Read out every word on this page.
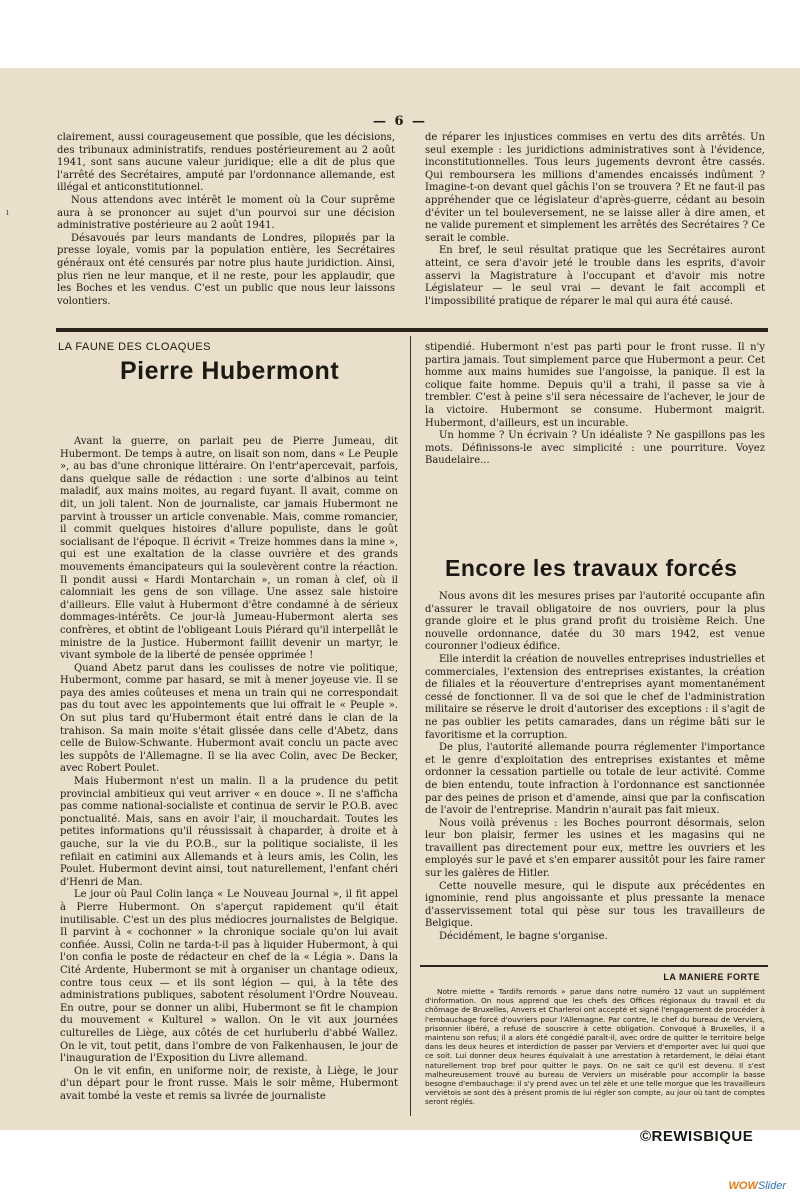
ı
— 6 —

clairement, aussi courageusement que possible, que les décisions, des tribunaux administratifs, rendues postérieurement au 2 août 1941, sont sans aucune valeur juridique; elle a dit de plus que l'arrêté des Secrétaires, amputé par l'ordonnance allemande, est illégal et anticonstitutionnel.

Nous attendons avec intérêt le moment où la Cour suprême aura à se prononcer au sujet d'un pourvoi sur une décision administrative postérieure au 2 août 1941.

Désavoués par leurs mandants de Londres, pilориés par la presse loyale, vomis par la population entière, les Secrétaires généraux ont été censurés par notre plus haute juridiction. Ainsi, plus rien ne leur manque, et il ne reste, pour les applaudir, que les Boches et les vendus. C'est un public que nous leur laissons volontiers.

de réparer les injustices commises en vertu des dits arrêtés. Un seul exemple : les juridictions administratives sont à l'évidence, inconstitutionnelles. Tous leurs jugements devront être cassés. Qui remboursera les millions d'amendes encaissés indûment ? Imagine-t-on devant quel gâchis l'on se trouvera ? Et ne faut-il pas appréhender que ce législateur d'après-guerre, cédant au besoin d'éviter un tel bouleversement, ne se laisse aller à dire amen, et ne valide purement et simplement les arrêtés des Secrétaires ? Ce serait le comble.

En bref, le seul résultat pratique que les Secrétaires auront atteint, ce sera d'avoir jeté le trouble dans les esprits, d'avoir asservi la Magistrature à l'occupant et d'avoir mis notre Législateur — le seul vrai — devant le fait accompli et l'impossibilité pratique de réparer le mal qui aura été causé.

LA FAUNE DES CLOAQUES
Pierre Hubermont

Avant la guerre, on parlait peu de Pierre Jumeau, dit Hubermont. De temps à autre, on lisait son nom, dans « Le Peuple », au bas d'une chronique littéraire. On l'entr'apercevait, parfois, dans quelque salle de rédaction : une sorte d'albinos au teint maladif, aux mains moites, au regard fuyant. Il avait, comme on dit, un joli talent. Non de journaliste, car jamais Hubermont ne parvint à trousser un article convenable. Mais, comme romancier, il commit quelques histoires d'allure populiste, dans le goût socialisant de l'époque. Il écrivit « Treize hommes dans la mine », qui est une exaltation de la classe ouvrière et des grands mouvements émancipateurs qui la soulevèrent contre la réaction. Il pondit aussi « Hardi Montarchain », un roman à clef, où il calomniait les gens de son village. Une assez sale histoire d'ailleurs. Elle valut à Hubermont d'être condamné à de sérieux dommages-intérêts. Ce jour-là Jumeau-Hubermont alerta ses confrères, et obtint de l'obligeant Louis Piérard qu'il interpellât le ministre de la Justice. Hubermont faillit devenir un martyr, le vivant symbole de la liberté de pensée opprimée !

Quand Abetz parut dans les coulisses de notre vie politique, Hubermont, comme par hasard, se mit à mener joyeuse vie. Il se paya des amies coûteuses et mena un train qui ne correspondait pas du tout avec les appointements que lui offrait le « Peuple ». On sut plus tard qu'Hubermont était entré dans le clan de la trahison. Sa main moite s'était glissée dans celle d'Abetz, dans celle de Bulow-Schwante. Hubermont avait conclu un pacte avec les suppôts de l'Allemagne. Il se lia avec Colin, avec De Becker, avec Robert Poulet.

Mais Hubermont n'est un malin. Il a la prudence du petit provincial ambitieux qui veut arriver « en douce ». Il ne s'afficha pas comme national-socialiste et continua de servir le P.O.B. avec ponctualité. Mais, sans en avoir l'air, il mouchardait. Toutes les petites informations qu'il réussissait à chaparder, à droite et à gauche, sur la vie du P.O.B., sur la politique socialiste, il les refilait en catimini aux Allemands et à leurs amis, les Colin, les Poulet. Hubermont devint ainsi, tout naturellement, l'enfant chéri d'Henri de Man.

Le jour où Paul Colin lança « Le Nouveau Journal », il fit appel à Pierre Hubermont. On s'aperçut rapidement qu'il était inutilisable. C'est un des plus médiocres journalistes de Belgique. Il parvint à « cochonner » la chronique sociale qu'on lui avait confiée. Aussi, Colin ne tarda-t-il pas à liquider Hubermont, à qui l'on confia le poste de rédacteur en chef de la « Légia ». Dans la Cité Ardente, Hubermont se mit à organiser un chantage odieux, contre tous ceux — et ils sont légion — qui, à la tête des administrations publiques, sabotent résolument l'Ordre Nouveau. En outre, pour se donner un alibi, Hubermont se fit le champion du mouvement « Kulturel » wallon. On le vit aux journées culturelles de Liège, aux côtés de cet hurluberlu d'abbé Wallez. On le vit, tout petit, dans l'ombre de von Falkenhausen, le jour de l'inauguration de l'Exposition du Livre allemand.

On le vit enfin, en uniforme noir, de rexiste, à Liège, le jour d'un départ pour le front russe. Mais le soir même, Hubermont avait tombé la veste et remis sa livrée de journaliste

stipendié. Hubermont n'est pas parti pour le front russe. Il n'y partira jamais. Tout simplement parce que Hubermont a peur. Cet homme aux mains humides sue l'angoisse, la panique. Il est la colique faite homme. Depuis qu'il a trahi, il passe sa vie à trembler. C'est à peine s'il sera nécessaire de l'achever, le jour de la victoire. Hubermont se consume. Hubermont maigrit. Hubermont, d'ailleurs, est un incurable.

Un homme ? Un écrivain ? Un idéaliste ? Ne gaspillons pas les mots. Définissons-le avec simplicité : une pourriture. Voyez Baudelaire...

Encore les travaux forcés

Nous avons dit les mesures prises par l'autorité occupante afin d'assurer le travail obligatoire de nos ouvriers, pour la plus grande gloire et le plus grand profit du troisième Reich. Une nouvelle ordonnance, datée du 30 mars 1942, est venue couronner l'odieux édifice.

Elle interdit la création de nouvelles entreprises industrielles et commerciales, l'extension des entreprises existantes, la création de filiales et la réouverture d'entreprises ayant momentanément cessé de fonctionner. Il va de soi que le chef de l'administration militaire se réserve le droit d'autoriser des exceptions : il s'agit de ne pas oublier les petits camarades, dans un régime bâti sur le favoritisme et la corruption.

De plus, l'autorité allemande pourra réglementer l'importance et le genre d'exploitation des entreprises existantes et même ordonner la cessation partielle ou totale de leur activité. Comme de bien entendu, toute infraction à l'ordonnance est sanctionnée par des peines de prison et d'amende, ainsi que par la confiscation de l'avoir de l'entreprise. Mandrin n'aurait pas fait mieux.

Nous voilà prévenus : les Boches pourront désormais, selon leur bon plaisir, fermer les usines et les magasins qui ne travaillent pas directement pour eux, mettre les ouvriers et les employés sur le pavé et s'en emparer aussitôt pour les faire ramer sur les galères de Hitler.

Cette nouvelle mesure, qui le dispute aux précédentes en ignominie, rend plus angoissante et plus pressante la menace d'asservissement total qui pèse sur tous les travailleurs de Belgique.

Décidément, le bagne s'organise.

LA MANIERE FORTE

Notre miette « Tardifs remords » parue dans notre numéro 12 vaut un supplément d'information. On nous apprend que les chefs des Offices régionaux du travail et du chômage de Bruxelles, Anvers et Charleroi ont accepté et signé l'engagement de procéder à l'embauchage forcé d'ouvriers pour l'Allemagne. Par contre, le chef du bureau de Verviers, prisonnier libéré, a refusé de souscrire à cette obligation. Convoqué à Bruxelles, il a maintenu son refus; il a alors été congédié paraît-il, avec ordre de quitter le territoire belge dans les deux heures et interdiction de passer par Verviers et d'emporter avec lui quoi que ce soit. Lui donner deux heures équivalait à une arrestation à retardement, le délai étant naturellement trop bref pour quitter le pays. On ne sait ce qu'il est devenu. Il s'est malheureusement trouvé au bureau de Verviers un misérable pour accomplir la basse besogne d'embauchage: il s'y prend avec un tel zèle et une telle morgue que les travailleurs verviétois se sont dès à présent promis de lui régler son compte, au jour où tant de comptes seront réglés.

©REWISBIQUE
WOWSlider
